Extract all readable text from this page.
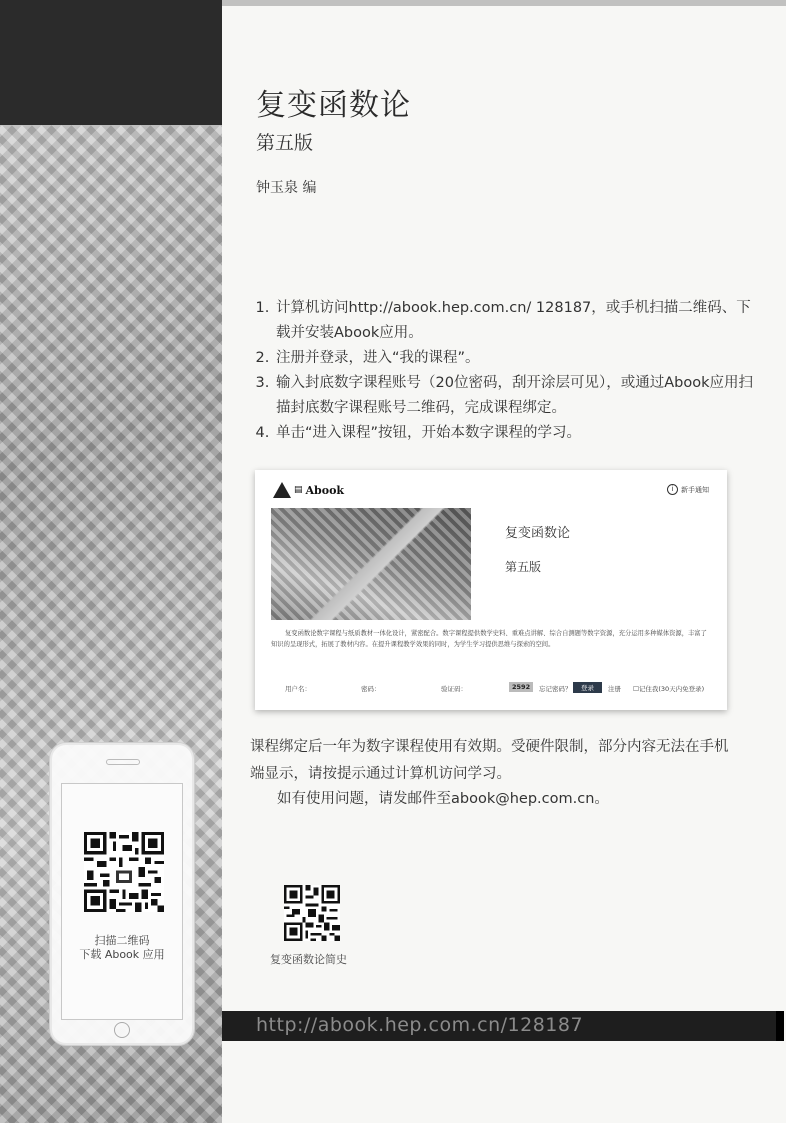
复变函数论
第五版
钟玉泉 编
1. 计算机访问http://abook.hep.com.cn/ 128187，或手机扫描二维码、下载并安装Abook应用。
2. 注册并登录，进入“我的课程”。
3. 输入封底数字课程账号（20位密码，刮开涂层可见），或通过Abook应用扫描封底数字课程账号二维码，完成课程绑定。
4. 单击“进入课程”按钮，开始本数字课程的学习。
▤ Abook	i	新手通知
复变函数论
第五版
复变函数论数字课程与纸质教材一体化设计，紧密配合。数字课程提供数学史料、重难点讲解、综合自测题等数字资源，充分运用多种媒体资源，丰富了知识的呈现形式，拓展了教材内容。在提升课程教学效果的同时，为学生学习提供思维与探索的空间。
用户名：	密码：	验证码：	2592	忘记密码？	登录	注册 ☐记住我(30天内免登录)
课程绑定后一年为数字课程使用有效期。受硬件限制，部分内容无法在手机端显示，请按提示通过计算机访问学习。
如有使用问题，请发邮件至abook@hep.com.cn。
扫描二维码
下载 Abook 应用	复变函数论简史
http://abook.hep.com.cn/128187
